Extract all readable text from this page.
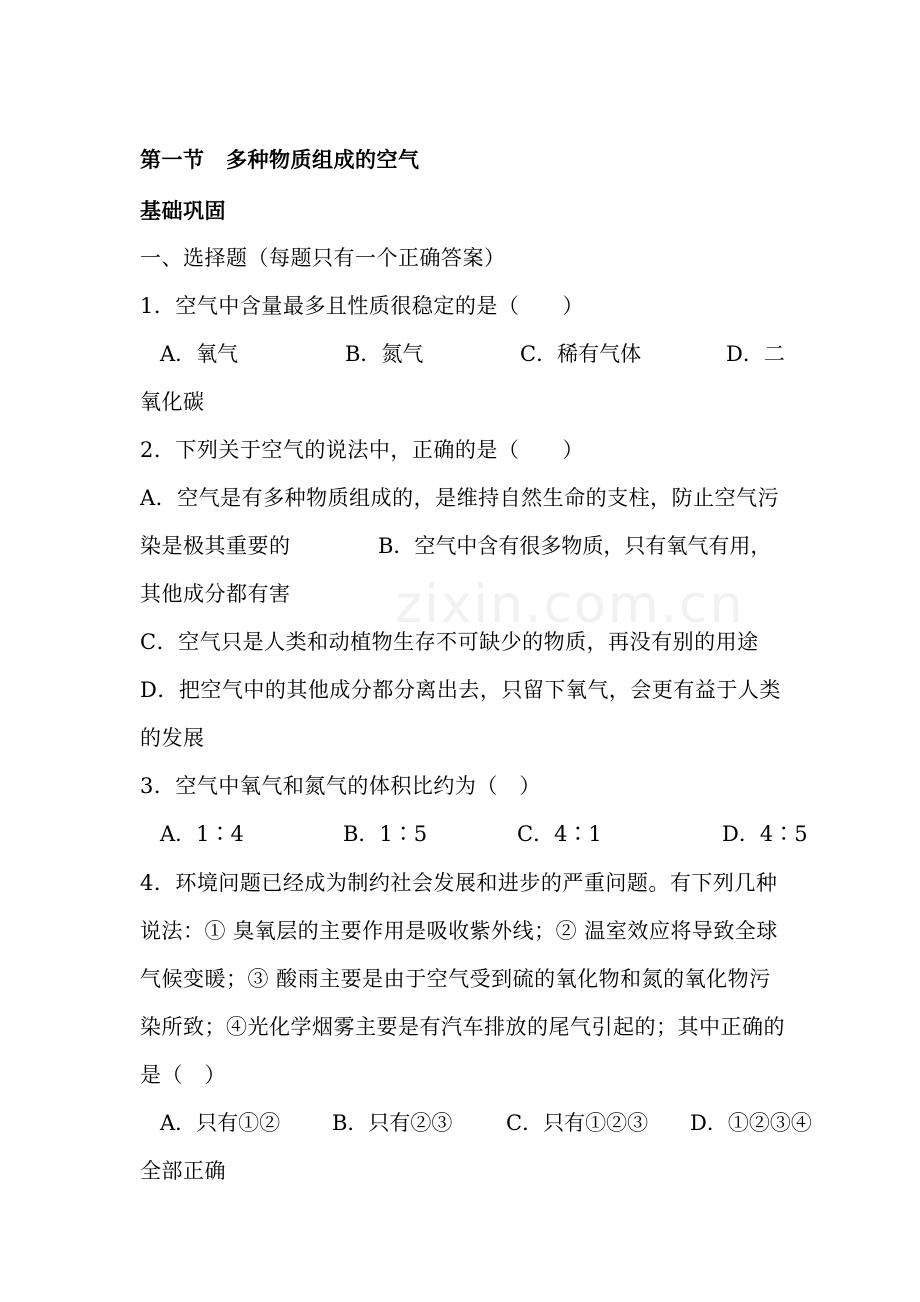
zixin.com.cn
第一节　多种物质组成的空气
基础巩固
一、选择题（每题只有一个正确答案）
1．空气中含量最多且性质很稳定的是（　　）
A．氧气	B．氮气	C．稀有气体	D．二
氧化碳
2．下列关于空气的说法中，正确的是（　　）
A．空气是有多种物质组成的，是维持自然生命的支柱，防止空气污
染是极其重要的	B．空气中含有很多物质，只有氧气有用，
其他成分都有害
C．空气只是人类和动植物生存不可缺少的物质，再没有别的用途
D．把空气中的其他成分都分离出去，只留下氧气，会更有益于人类
的发展
3．空气中氧气和氮气的体积比约为（　）
A．1∶4	B．1∶5	C．4∶1	D．4∶5
4．环境问题已经成为制约社会发展和进步的严重问题。有下列几种
说法：① 臭氧层的主要作用是吸收紫外线；② 温室效应将导致全球
气候变暖；③ 酸雨主要是由于空气受到硫的氧化物和氮的氧化物污
染所致；④光化学烟雾主要是有汽车排放的尾气引起的；其中正确的
是（　）
A．只有①② B．只有②③	C．只有①②③ D．①②③④
全部正确
